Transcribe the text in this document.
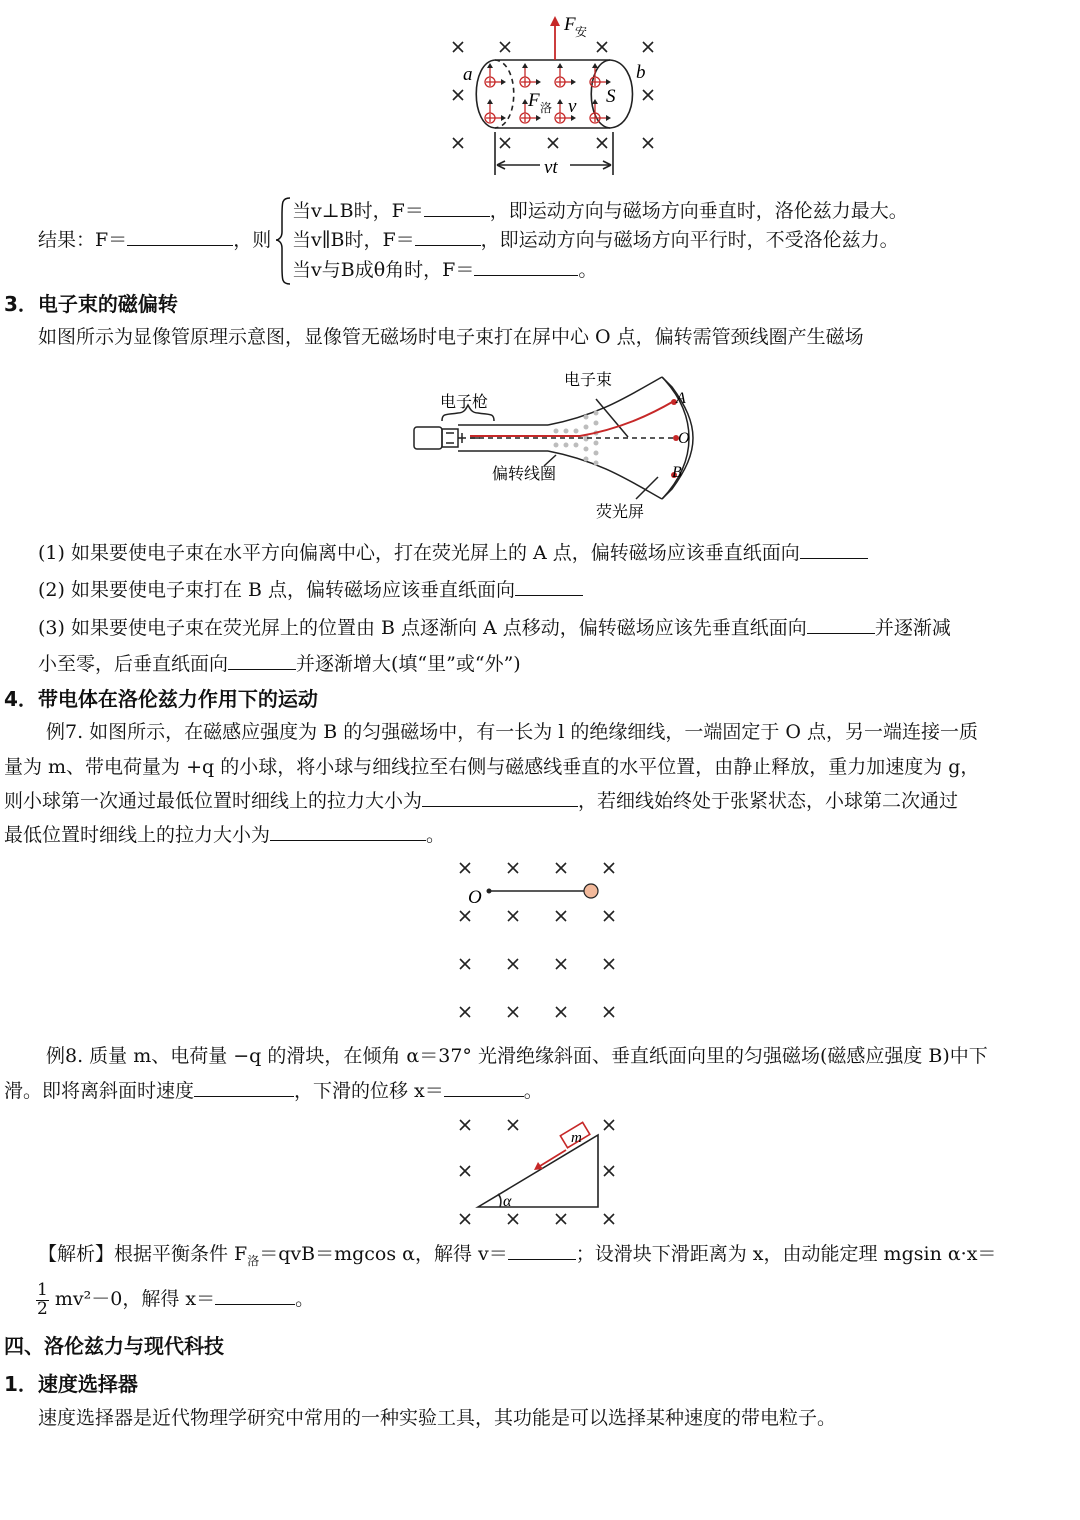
F 安
a	b
S
F 洛 v
vt
结果：F＝	，则
当v⊥B时，F＝	，即运动方向与磁场方向垂直时，洛伦兹力最大。
当v∥B时，F＝	，即运动方向与磁场方向平行时，不受洛伦兹力。
当v与B成θ角时，F＝	。
3．电子束的磁偏转
如图所示为显像管原理示意图，显像管无磁场时电子束打在屏中心 O 点，偏转需管颈线圈产生磁场
电子束
电子枪
偏转线圈
荧光屏
A
O
B
(1) 如果要使电子束在水平方向偏离中心，打在荧光屏上的 A 点，偏转磁场应该垂直纸面向
(2) 如果要使电子束打在 B 点，偏转磁场应该垂直纸面向
(3) 如果要使电子束在荧光屏上的位置由 B 点逐渐向 A 点移动，偏转磁场应该先垂直纸面向	并逐渐减
小至零，后垂直纸面向	并逐渐增大(填“里”或“外”)
4．带电体在洛伦兹力作用下的运动
例7. 如图所示，在磁感应强度为 B 的匀强磁场中，有一长为 l 的绝缘细线，一端固定于 O 点，另一端连接一质
量为 m、带电荷量为 +q 的小球，将小球与细线拉至右侧与磁感线垂直的水平位置，由静止释放，重力加速度为 g，
则小球第一次通过最低位置时细线上的拉力大小为	，若细线始终处于张紧状态，小球第二次通过
最低位置时细线上的拉力大小为	。
O
例8. 质量 m、电荷量 −q 的滑块，在倾角 α＝37° 光滑绝缘斜面、垂直纸面向里的匀强磁场(磁感应强度 B)中下
滑。即将离斜面时速度	，下滑的位移 x＝	。
m
α
【解析】根据平衡条件 $F_洛=qvB=mgcos$ α，解得 v＝	；设滑块下滑距离为 x，由动能定理 mgsin α·x＝
$\frac{1}{2} mv^2-0$，解得 x＝	。
四、洛伦兹力与现代科技
1．速度选择器
速度选择器是近代物理学研究中常用的一种实验工具，其功能是可以选择某种速度的带电粒子。
